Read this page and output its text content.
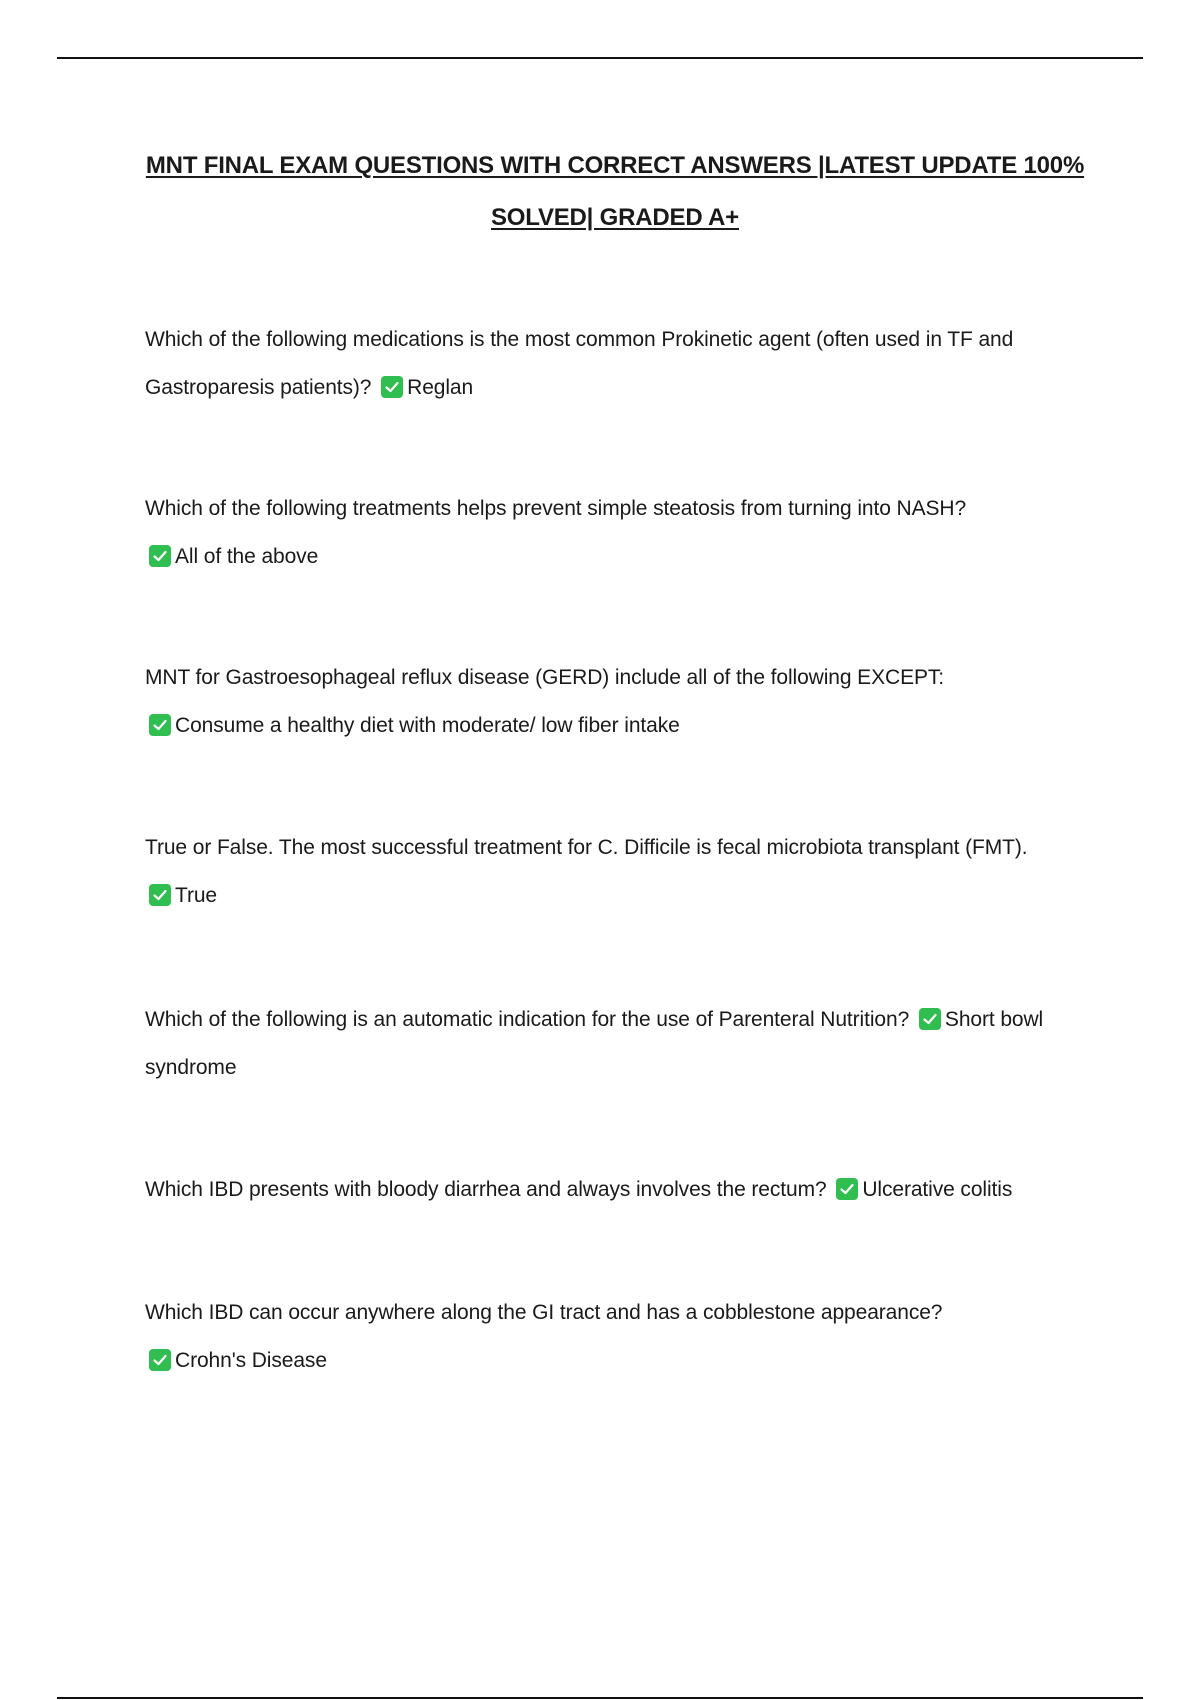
MNT FINAL EXAM QUESTIONS WITH CORRECT ANSWERS |LATEST UPDATE 100% SOLVED| GRADED A+
Which of the following medications is the most common Prokinetic agent (often used in TF and Gastroparesis patients)? Reglan
Which of the following treatments helps prevent simple steatosis from turning into NASH?

All of the above
MNT for Gastroesophageal reflux disease (GERD) include all of the following EXCEPT:

Consume a healthy diet with moderate/ low fiber intake
True or False. The most successful treatment for C. Difficile is fecal microbiota transplant (FMT).

True
Which of the following is an automatic indication for the use of Parenteral Nutrition? Short bowl syndrome
Which IBD presents with bloody diarrhea and always involves the rectum? Ulcerative colitis
Which IBD can occur anywhere along the GI tract and has a cobblestone appearance?

Crohn's Disease
